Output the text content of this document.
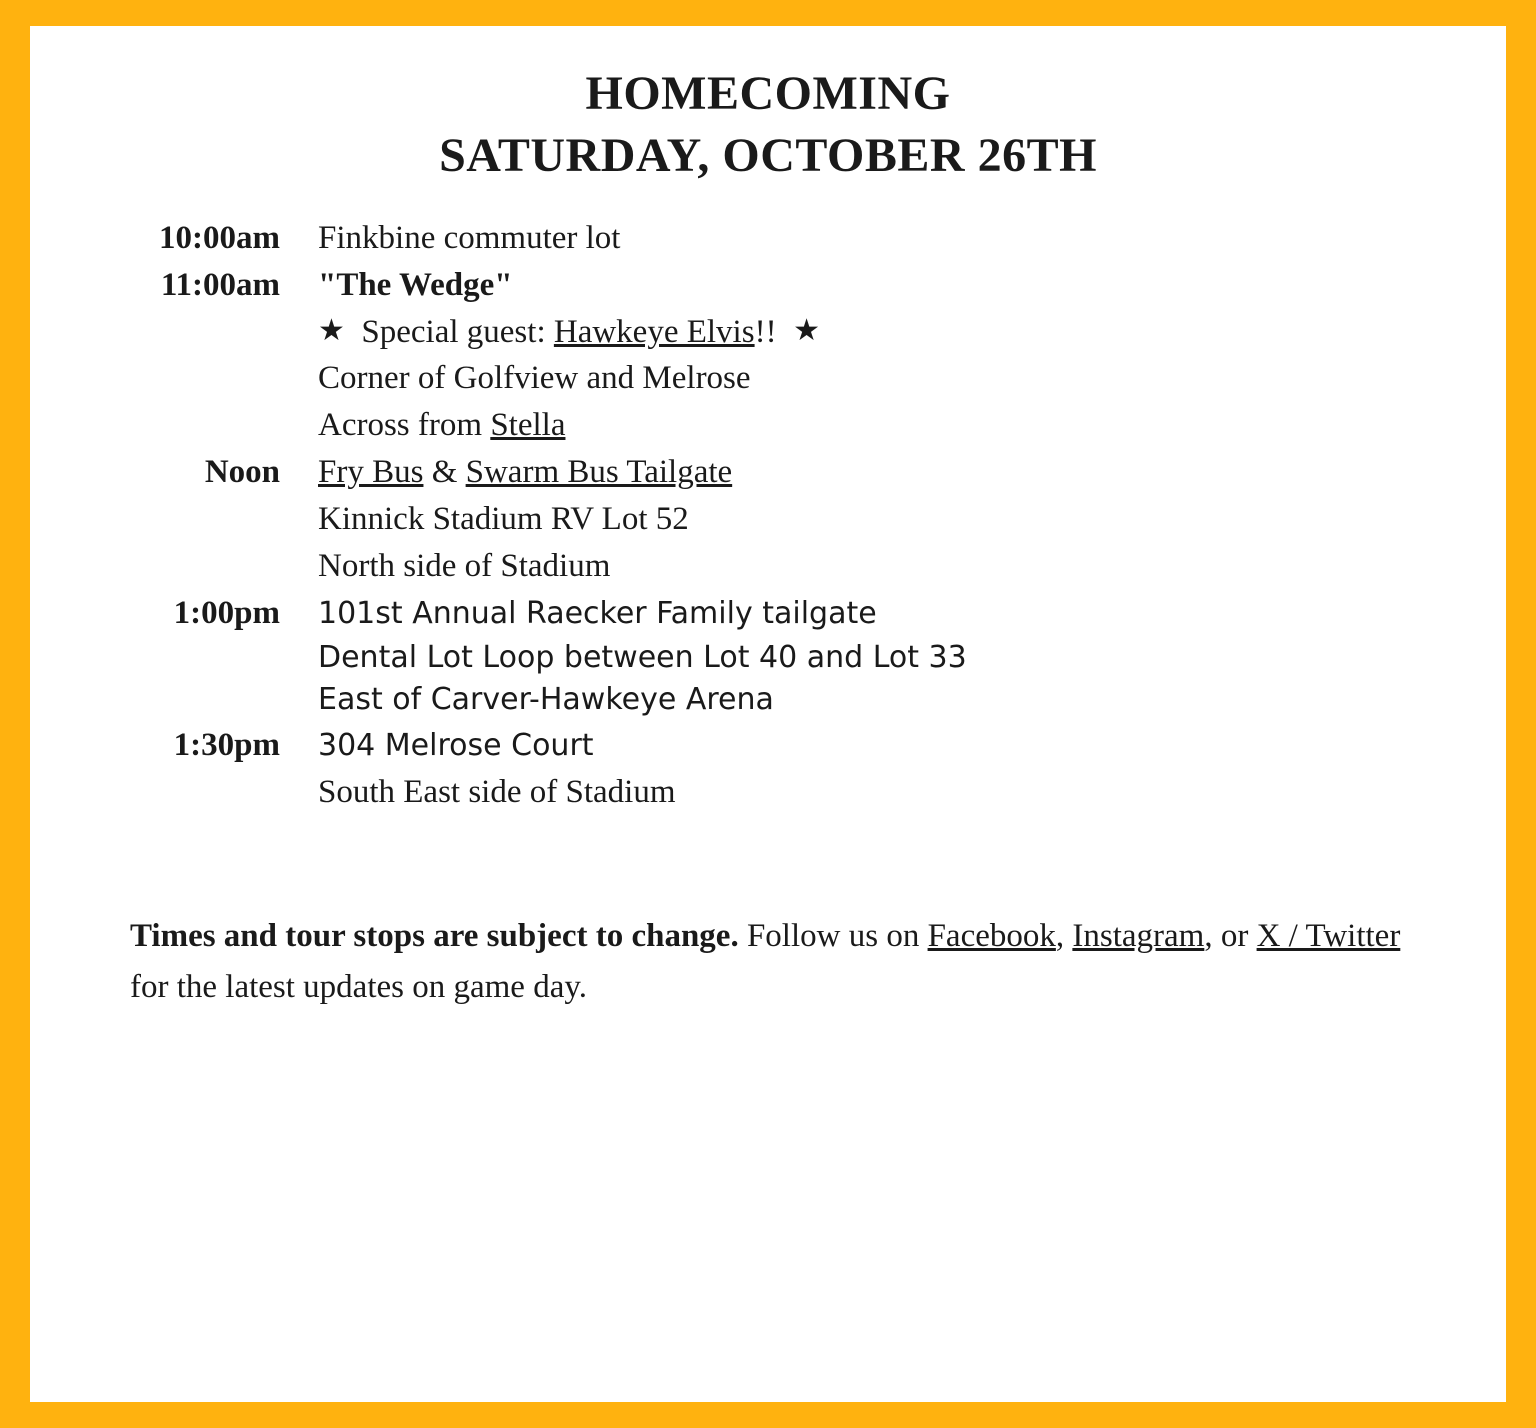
HOMECOMING
SATURDAY, OCTOBER 26TH
10:00am	Finkbine commuter lot
11:00am	"The Wedge"
★  Special guest: Hawkeye Elvis!!  ★
Corner of Golfview and Melrose
Across from Stella
Noon	Fry Bus & Swarm Bus Tailgate
Kinnick Stadium RV Lot 52
North side of Stadium
1:00pm	101st Annual Raecker Family tailgate
Dental Lot Loop between Lot 40 and Lot 33
East of Carver-Hawkeye Arena
1:30pm	304 Melrose Court
South East side of Stadium
Times and tour stops are subject to change. Follow us on Facebook, Instagram, or X / Twitter for the latest updates on game day.
